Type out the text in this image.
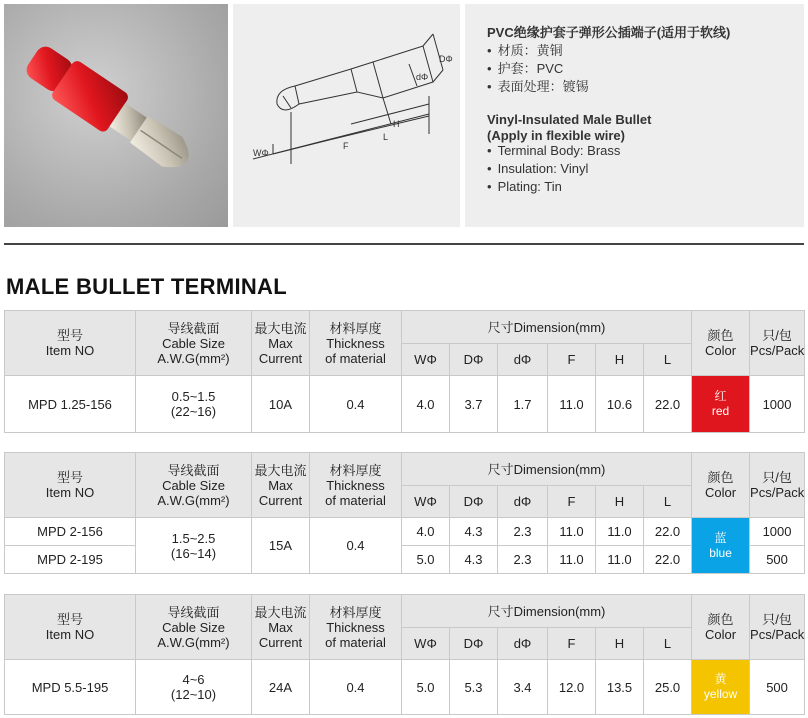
DΦ
dΦ
H
F
L
WΦ
PVC绝缘护套子弹形公插端子(适用于软线)
• 材质：黄铜
• 护套：PVC
• 表面处理：镀锡
Vinyl-Insulated Male Bullet
(Apply in flexible wire)
• Terminal Body: Brass
• Insulation: Vinyl
• Plating: Tin
MALE BULLET TERMINAL
型号
Item NO	导线截面
Cable Size
A.W.G(mm²)	最大电流
Max
Current	材料厚度
Thickness
of material	尺寸Dimension(mm)						颜色
Color	只/包
Pcs/Pack

				WΦ	DΦ	dΦ	F	H	L		
MPD 1.25-156	0.5~1.5
(22~16)	10A	0.4	4.0	3.7	1.7	11.0	10.6	22.0	红
red	1000
型号
Item NO	导线截面
Cable Size
A.W.G(mm²)	最大电流
Max
Current	材料厚度
Thickness
of material	尺寸Dimension(mm)						颜色
Color	只/包
Pcs/Pack

				WΦ	DΦ	dΦ	F	H	L		
MPD 2-156	1.5~2.5
(16~14)	15A	0.4	4.0	4.3	2.3	11.0	11.0	22.0	蓝
blue	1000
MPD 2-195				5.0	4.3	2.3	11.0	11.0	22.0		500
型号
Item NO	导线截面
Cable Size
A.W.G(mm²)	最大电流
Max
Current	材料厚度
Thickness
of material	尺寸Dimension(mm)						颜色
Color	只/包
Pcs/Pack

				WΦ	DΦ	dΦ	F	H	L		
MPD 5.5-195	4~6
(12~10)	24A	0.4	5.0	5.3	3.4	12.0	13.5	25.0	黄
yellow	500
